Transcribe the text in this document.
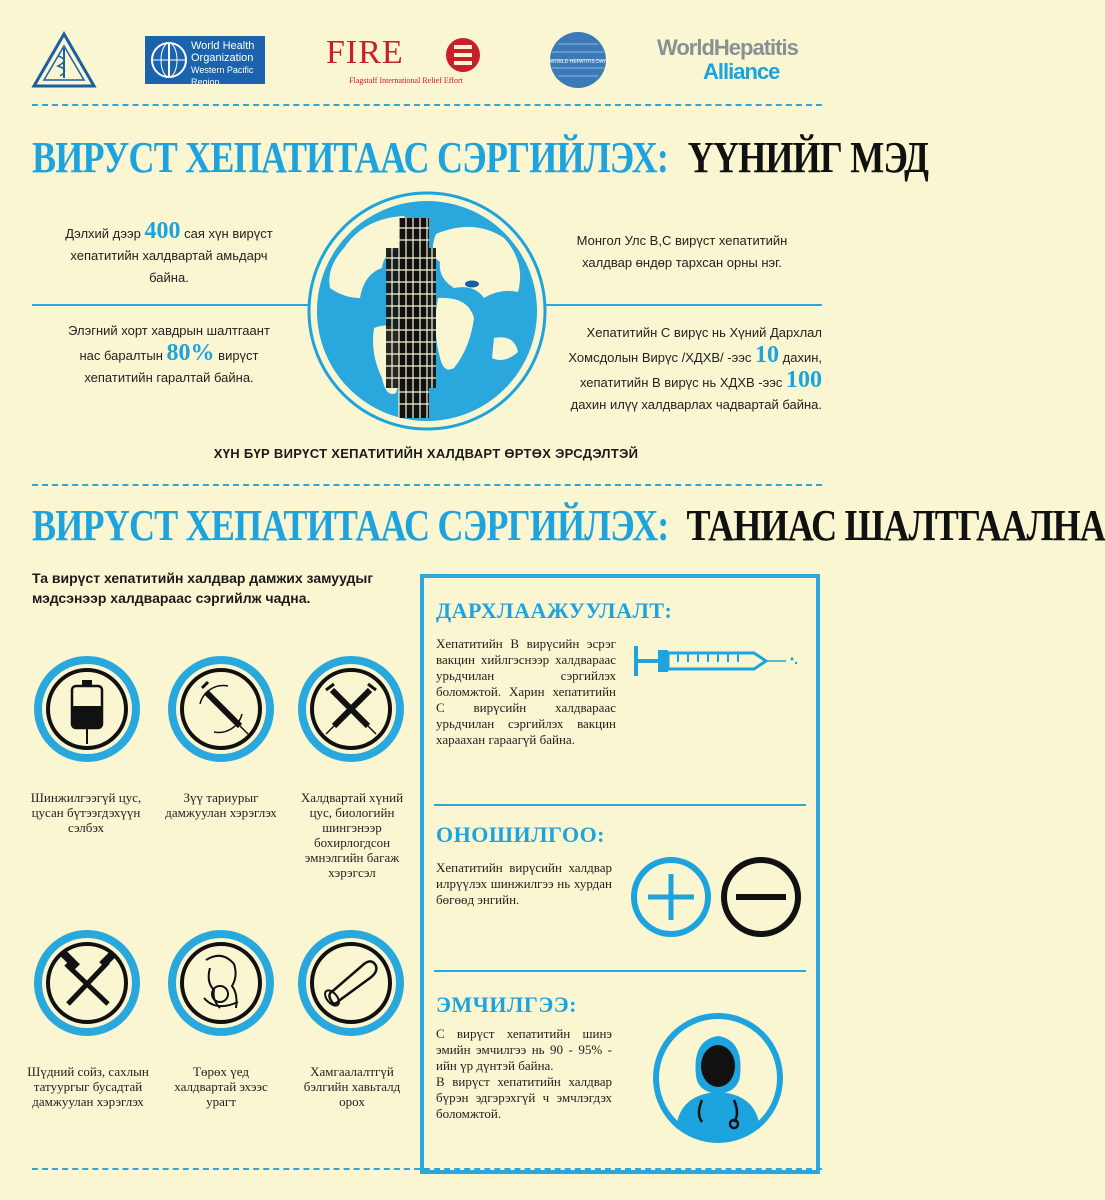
World Health
Organization
Western Pacific Region
FIRE
Flagstaff International Relief Effort
WORLD HEPATITIS DAY
WorldHepatitis
Alliance
ВИРУСТ ХЕПАТИТААС СЭРГИЙЛЭХ: ҮҮНИЙГ МЭД
Дэлхий дээр 400 сая хүн вирүст
хепатитийн халдвартай амьдарч
байна.
Монгол Улс В,С вирүст хепатитийн
халдвар өндөр тархсан орны нэг.
Элэгний хорт хавдрын шалтгаант
нас баралтын 80% вирүст
хепатитийн гаралтай байна.
Хепатитийн С вирүс нь Хүний Дархлал
Хомсдолын Вирүс /ХДХВ/ -ээс 10 дахин,
хепатитийн В вирүс нь ХДХВ -ээс 100
дахин илүү халдварлах чадвартай байна.
ХҮН БҮР ВИРҮСТ ХЕПАТИТИЙН ХАЛДВАРТ ӨРТӨХ ЭРСДЭЛТЭЙ
ВИРҮСТ ХЕПАТИТААС СЭРГИЙЛЭХ: ТАНИАС ШАЛТГААЛНА
Та вирүст хепатитийн халдвар дамжих замуудыг мэдсэнээр халдвараас сэргийлж чадна.
Шинжилгээгүй цус, цусан бүтээгдэхүүн сэлбэх
Зүү тариурыг дамжуулан хэрэглэх
Халдвартай хүний цус, биологийн шингэнээр бохирлогдсон эмнэлгийн багаж хэрэгсэл
Шүдний сойз, сахлын татуургыг бусадтай дамжуулан хэрэглэх
Төрөх үед халдвартай эхээс урагт
Хамгаалалтгүй бэлгийн хавьталд орох
ДАРХЛААЖУУЛАЛТ:
Хепатитийн В вирүсийн эсрэг вакцин хийлгэснээр халдвараас урьдчилан сэргийлэх боломжтой. Харин хепатитийн С вирүсийн халдвараас урьдчилан сэргийлэх вакцин хараахан гараагүй байна.
ОНОШИЛГОО:
Хепатитийн вирүсийн халдвар илрүүлэх шинжилгээ нь хурдан бөгөөд энгийн.
ЭМЧИЛГЭЭ:
С вирүст хепатитийн шинэ эмийн эмчилгээ нь 90 - 95% - ийн үр дүнтэй байна.
В вирүст хепатитийн халдвар бүрэн эдгэрэхгүй ч эмчлэгдэх боломжтой.
